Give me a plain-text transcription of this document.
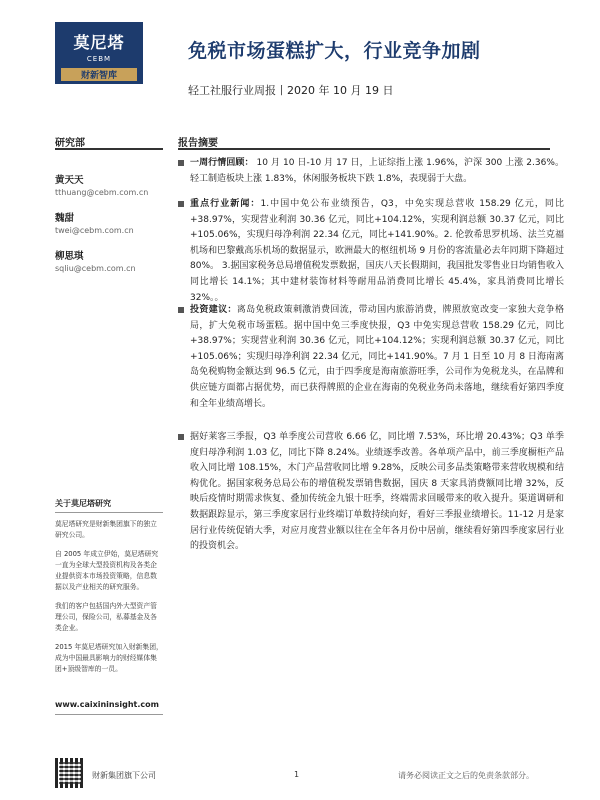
莫尼塔
CEBM
财新智库
免税市场蛋糕扩大，行业竞争加剧
轻工社服行业周报丨2020 年 10 月 19 日
研究部	报告摘要
黄天天
tthuang@cebm.com.cn
魏甜
twei@cebm.com.cn
柳思琪
sqliu@cebm.com.cn
关于莫尼塔研究

莫尼塔研究是财新集团旗下的独立研究公司。

自 2005 年成立伊始，莫尼塔研究一直为全球大型投资机构及各类企业提供资本市场投资策略，信息数据以及产业相关的研究服务。

我们的客户包括国内外大型资产管理公司，保险公司，私募基金及各类企业。

2015 年莫尼塔研究加入财新集团，成为中国最具影响力的财经媒体集团+顶级智库的一员。

www.caixininsight.com
一周行情回顾： 10 月 10 日-10 月 17 日，上证综指上涨 1.96%，沪深 300 上涨 2.36%。轻工制造板块上涨 1.83%，休闲服务板块下跌 1.8%，表现弱于大盘。
重点行业新闻：1.中国中免公布业绩预告，Q3，中免实现总营收 158.29 亿元，同比+38.97%，实现营业利润 30.36 亿元，同比+104.12%，实现利润总额 30.37 亿元，同比+105.06%，实现归母净利润 22.34 亿元，同比+141.90%。2. 伦敦希思罗机场、法兰克福机场和巴黎戴高乐机场的数据显示，欧洲最大的枢纽机场 9 月份的客流量必去年同期下降超过 80%。 3.据国家税务总局增值税发票数据，国庆八天长假期间，我国批发零售业日均销售收入同比增长 14.1%；其中建材装饰材料等耐用品消费同比增长 45.4%，家具消费同比增长 32%。。
投资建议：离岛免税政策刺激消费回流，带动国内旅游消费，牌照放宽改变一家独大竞争格局，扩大免税市场蛋糕。据中国中免三季度快报，Q3 中免实现总营收 158.29 亿元，同比+38.97%；实现营业利润 30.36 亿元，同比+104.12%；实现利润总额 30.37 亿元，同比+105.06%；实现归母净利润 22.34 亿元，同比+141.90%。7 月 1 日至 10 月 8 日海南离岛免税购物金额达到 96.5 亿元，由于四季度是海南旅游旺季，公司作为免税龙头，在品牌和供应链方面都占据优势，而已获得牌照的企业在海南的免税业务尚未落地，继续看好第四季度和全年业绩高增长。
据好莱客三季报，Q3 单季度公司营收 6.66 亿，同比增 7.53%，环比增 20.43%；Q3 单季度归母净利润 1.03 亿，同比下降 8.24%。业绩逐季改善。各单项产品中，前三季度橱柜产品收入同比增 108.15%，木门产品营收同比增 9.28%，反映公司多品类策略带来营收规模和结构优化。据国家税务总局公布的增值税发票销售数据，国庆 8 天家具消费额同比增 32%，反映后疫情时期需求恢复、叠加传统金九银十旺季，终端需求回暖带来的收入提升。渠道调研和数据跟踪显示，第三季度家居行业终端订单数持续向好，看好三季报业绩增长。11-12 月是家居行业传统促销大季，对应月度营业额以往在全年各月份中居前，继续看好第四季度家居行业的投资机会。
财新集团旗下公司	1	请务必阅读正文之后的免责条款部分。
